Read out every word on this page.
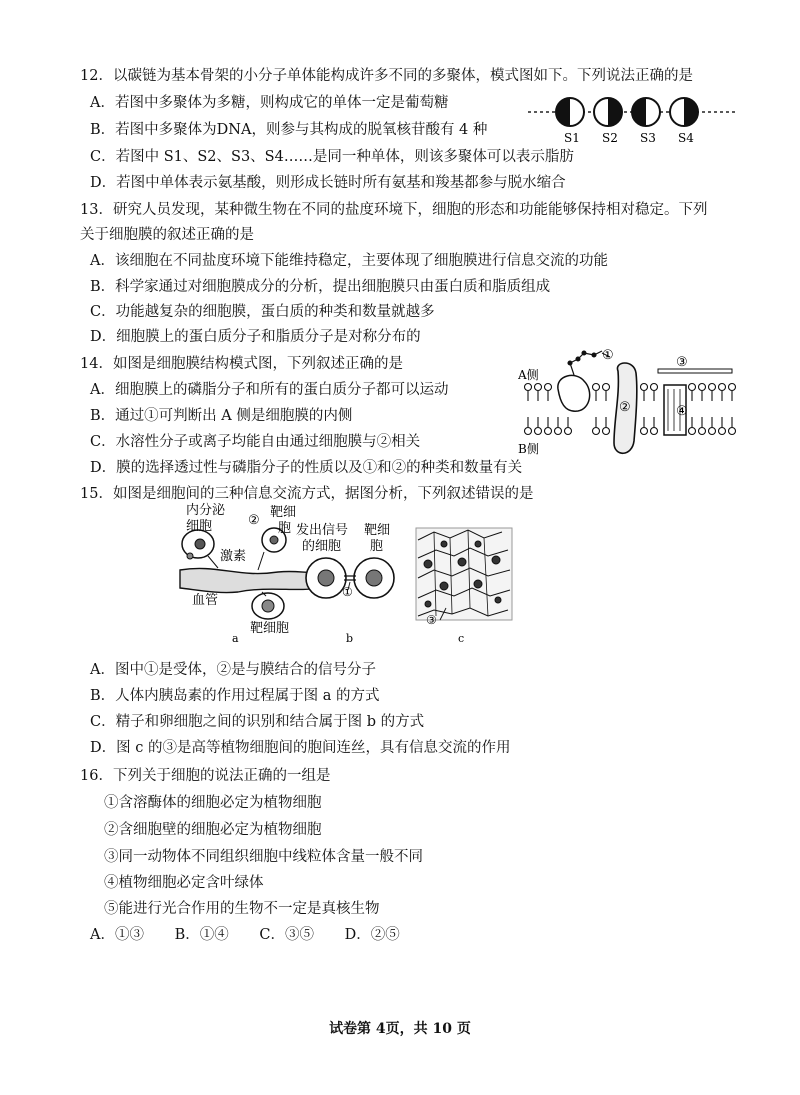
12．以碳链为基本骨架的小分子单体能构成许多不同的多聚体，模式图如下。下列说法正确的是
A．若图中多聚体为多糖，则构成它的单体一定是葡萄糖
B．若图中多聚体为DNA，则参与其构成的脱氧核苷酸有 4 种
C．若图中 S1、S2、S3、S4……是同一种单体，则该多聚体可以表示脂肪
D．若图中单体表示氨基酸，则形成长链时所有氨基和羧基都参与脱水缩合
S1 S2 S3 S4
13．研究人员发现，某种微生物在不同的盐度环境下，细胞的形态和功能能够保持相对稳定。下列
关于细胞膜的叙述正确的是
A．该细胞在不同盐度环境下能维持稳定，主要体现了细胞膜进行信息交流的功能
B．科学家通过对细胞膜成分的分析，提出细胞膜只由蛋白质和脂质组成
C．功能越复杂的细胞膜，蛋白质的种类和数量就越多
D．细胞膜上的蛋白质分子和脂质分子是对称分布的
14．如图是细胞膜结构模式图，下列叙述正确的是
A．细胞膜上的磷脂分子和所有的蛋白质分子都可以运动
B．通过①可判断出 A 侧是细胞膜的内侧
C．水溶性分子或离子均能自由通过细胞膜与②相关
D．膜的选择透过性与磷脂分子的性质以及①和②的种类和数量有关
A侧
B侧
①
②
③
④
15．如图是细胞间的三种信息交流方式，据图分析，下列叙述错误的是
内分泌
细胞	②
靶细
胞
激素
血管
靶细胞
a
发出信号
的细胞
靶细
胞
①
b
③
c
A．图中①是受体，②是与膜结合的信号分子
B．人体内胰岛素的作用过程属于图 a 的方式
C．精子和卵细胞之间的识别和结合属于图 b 的方式
D．图 c 的③是高等植物细胞间的胞间连丝，具有信息交流的作用
16．下列关于细胞的说法正确的一组是
①含溶酶体的细胞必定为植物细胞
②含细胞壁的细胞必定为植物细胞
③同一动物体不同组织细胞中线粒体含量一般不同
④植物细胞必定含叶绿体
⑤能进行光合作用的生物不一定是真核生物
A．①③ B．①④ C．③⑤ D．②⑤
试卷第 4页，共 10 页
